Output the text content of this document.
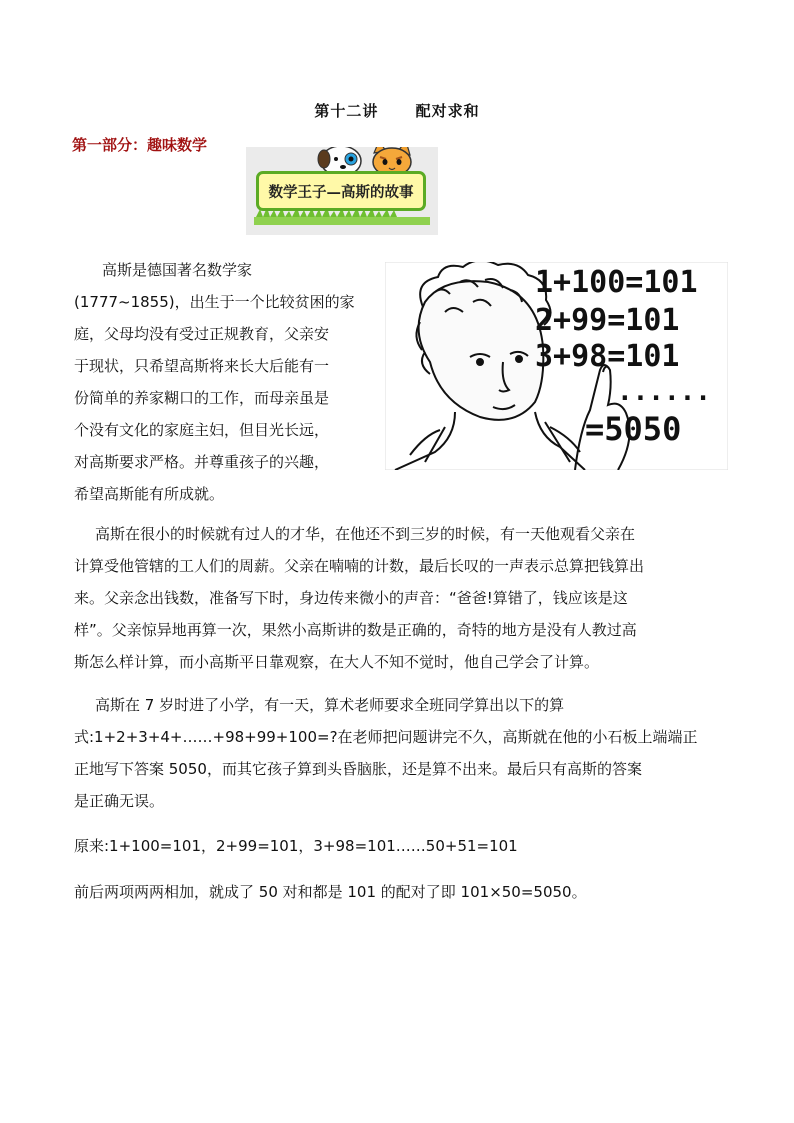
第十二讲      配对求和
第一部分：趣味数学
数学王子—高斯的故事
高斯是德国著名数学家
(1777~1855)，出生于一个比较贫困的家
庭，父母均没有受过正规教育，父亲安
于现状，只希望高斯将来长大后能有一
份简单的养家糊口的工作，而母亲虽是
个没有文化的家庭主妇，但目光长远，
对高斯要求严格。并尊重孩子的兴趣，
希望高斯能有所成就。
1+100=101
2+99=101
3+98=101
......
=5050
高斯在很小的时候就有过人的才华，在他还不到三岁的时候，有一天他观看父亲在
计算受他管辖的工人们的周薪。父亲在喃喃的计数，最后长叹的一声表示总算把钱算出
来。父亲念出钱数，准备写下时，身边传来微小的声音：“爸爸!算错了，钱应该是这
样”。父亲惊异地再算一次，果然小高斯讲的数是正确的，奇特的地方是没有人教过高
斯怎么样计算，而小高斯平日靠观察，在大人不知不觉时，他自己学会了计算。
高斯在 7 岁时进了小学，有一天，算术老师要求全班同学算出以下的算
式:1+2+3+4+……+98+99+100=?在老师把问题讲完不久，高斯就在他的小石板上端端正
正地写下答案 5050，而其它孩子算到头昏脑胀，还是算不出来。最后只有高斯的答案
是正确无误。
原来:1+100=101，2+99=101，3+98=101……50+51=101
前后两项两两相加，就成了 50 对和都是 101 的配对了即 101×50=5050。
